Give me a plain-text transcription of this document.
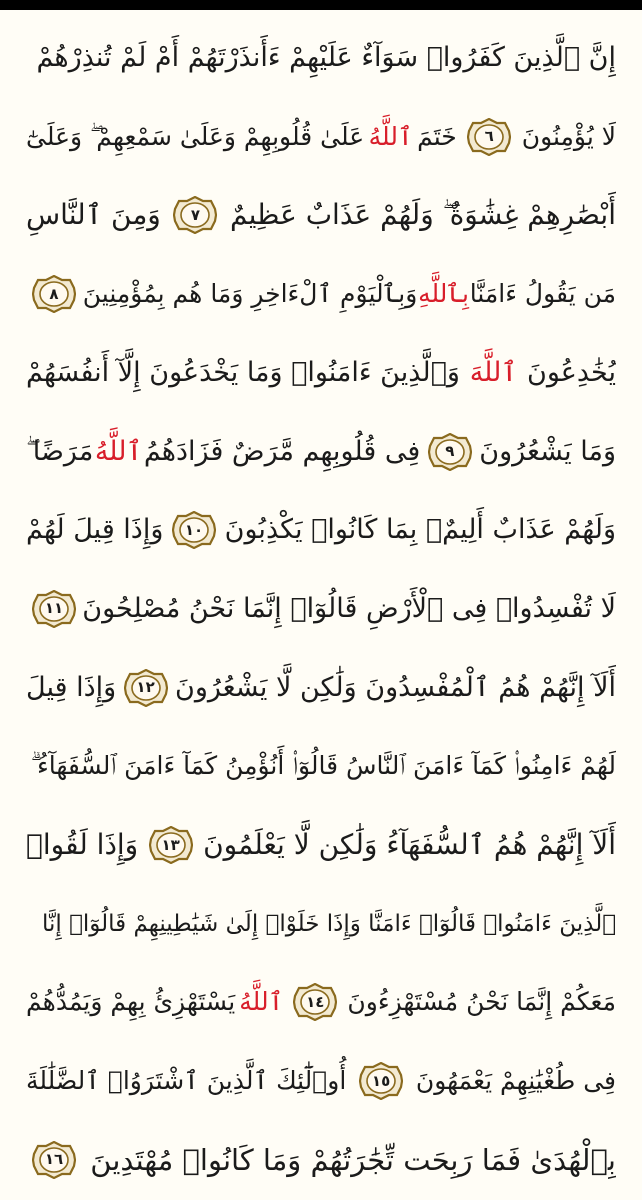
إِنَّ ٱلَّذِينَ كَفَرُوا۟ سَوَآءٌ عَلَيْهِمْ ءَأَنذَرْتَهُمْ أَمْ لَمْ تُنذِرْهُمْ
لَا يُؤْمِنُونَ
٦
خَتَمَ
ٱللَّهُ
عَلَىٰ قُلُوبِهِمْ وَعَلَىٰ سَمْعِهِمْ ۖ وَعَلَىٰٓ
أَبْصَٰرِهِمْ غِشَٰوَةٌ ۖ وَلَهُمْ عَذَابٌ عَظِيمٌ
٧
وَمِنَ ٱلنَّاسِ
مَن يَقُولُ ءَامَنَّا
بِٱللَّهِ
وَبِٱلْيَوْمِ ٱلْءَاخِرِ وَمَا هُم بِمُؤْمِنِينَ
٨
يُخَٰدِعُونَ
ٱللَّهَ
وَٱلَّذِينَ ءَامَنُوا۟ وَمَا يَخْدَعُونَ إِلَّآ أَنفُسَهُمْ
وَمَا يَشْعُرُونَ
٩
فِى قُلُوبِهِم مَّرَضٌ فَزَادَهُمُ
ٱللَّهُ
مَرَضًا ۖ
وَلَهُمْ عَذَابٌ أَلِيمٌۢ بِمَا كَانُوا۟ يَكْذِبُونَ
١٠
وَإِذَا قِيلَ لَهُمْ
لَا تُفْسِدُوا۟ فِى ٱلْأَرْضِ قَالُوٓا۟ إِنَّمَا نَحْنُ مُصْلِحُونَ
١١
أَلَآ إِنَّهُمْ هُمُ ٱلْمُفْسِدُونَ وَلَٰكِن لَّا يَشْعُرُونَ
١٢
وَإِذَا قِيلَ
لَهُمْ ءَامِنُوا۟ كَمَآ ءَامَنَ ٱلنَّاسُ قَالُوٓا۟ أَنُؤْمِنُ كَمَآ ءَامَنَ ٱلسُّفَهَآءُ ۗ
أَلَآ إِنَّهُمْ هُمُ ٱلسُّفَهَآءُ وَلَٰكِن لَّا يَعْلَمُونَ
١٣
وَإِذَا لَقُوا۟
ٱلَّذِينَ ءَامَنُوا۟ قَالُوٓا۟ ءَامَنَّا وَإِذَا خَلَوْا۟ إِلَىٰ شَيَٰطِينِهِمْ قَالُوٓا۟ إِنَّا
مَعَكُمْ إِنَّمَا نَحْنُ مُسْتَهْزِءُونَ
١٤
ٱللَّهُ
يَسْتَهْزِئُ بِهِمْ وَيَمُدُّهُمْ
فِى طُغْيَٰنِهِمْ يَعْمَهُونَ
١٥
أُو۟لَٰٓئِكَ ٱلَّذِينَ ٱشْتَرَوُا۟ ٱلضَّلَٰلَةَ
بِٱلْهُدَىٰ فَمَا رَبِحَت تِّجَٰرَتُهُمْ وَمَا كَانُوا۟ مُهْتَدِينَ
١٦
